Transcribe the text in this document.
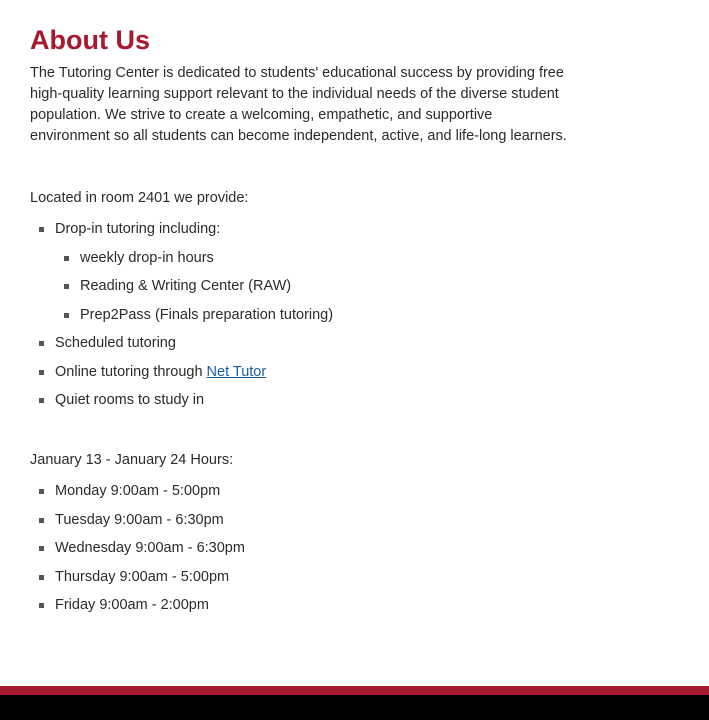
About Us

The Tutoring Center is dedicated to students' educational success by providing free high-quality learning support relevant to the individual needs of the diverse student population. We strive to create a welcoming, empathetic, and supportive environment so all students can become independent, active, and life-long learners.

Located in room 2401 we provide:

Drop-in tutoring including:
weekly drop-in hours
Reading & Writing Center (RAW)
Prep2Pass (Finals preparation tutoring)
Scheduled tutoring
Online tutoring through Net Tutor
Quiet rooms to study in

January 13 - January 24 Hours:

Monday 9:00am - 5:00pm
Tuesday 9:00am - 6:30pm
Wednesday 9:00am - 6:30pm
Thursday 9:00am - 5:00pm
Friday 9:00am - 2:00pm
